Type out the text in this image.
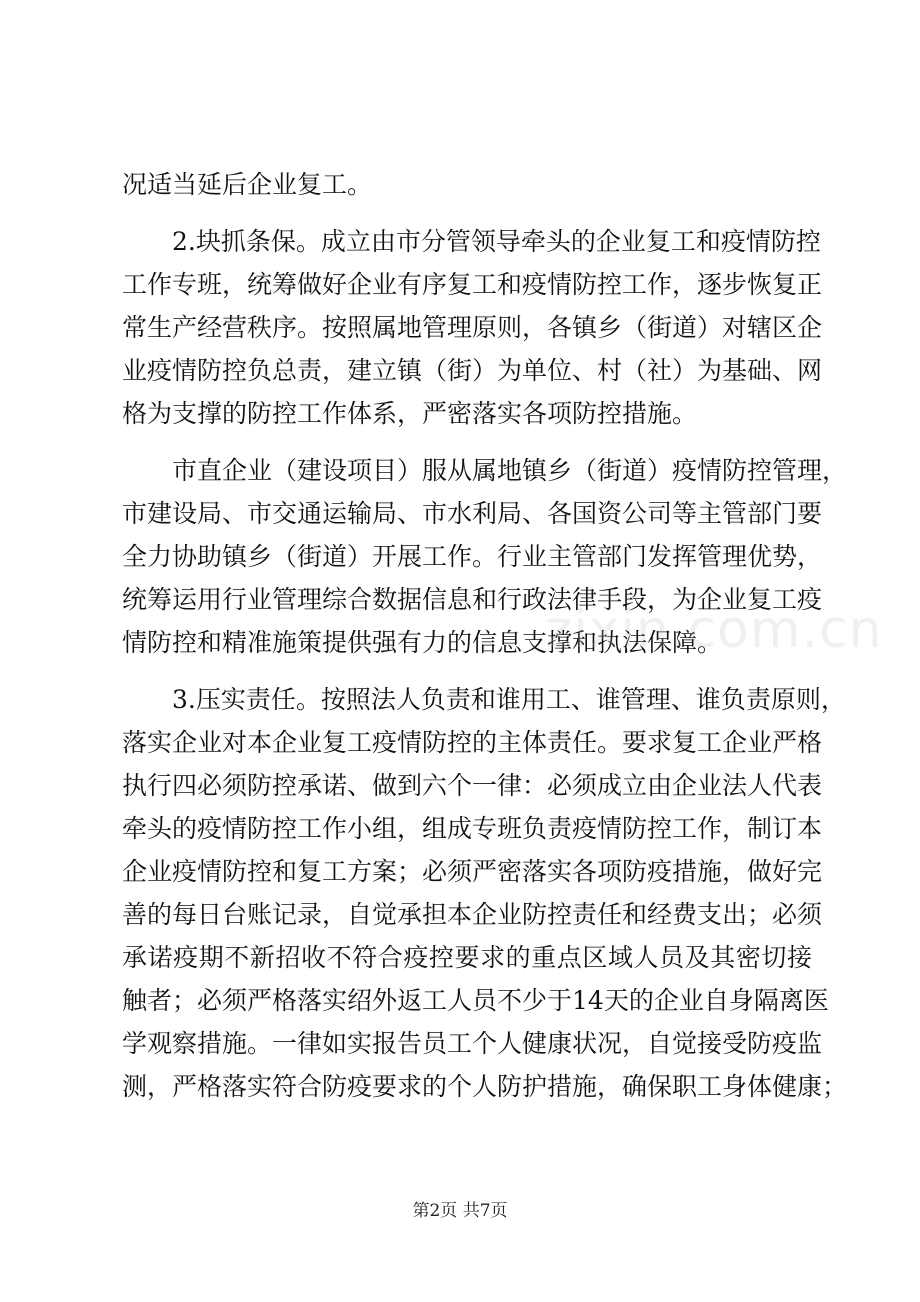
况适当延后企业复工。
2.块抓条保。成立由市分管领导牵头的企业复工和疫情防控
工作专班，统筹做好企业有序复工和疫情防控工作，逐步恢复正
常生产经营秩序。按照属地管理原则，各镇乡（街道）对辖区企
业疫情防控负总责，建立镇（街）为单位、村（社）为基础、网
格为支撑的防控工作体系，严密落实各项防控措施。
市直企业（建设项目）服从属地镇乡（街道）疫情防控管理，
市建设局、市交通运输局、市水利局、各国资公司等主管部门要
全力协助镇乡（街道）开展工作。行业主管部门发挥管理优势，
统筹运用行业管理综合数据信息和行政法律手段，为企业复工疫
情防控和精准施策提供强有力的信息支撑和执法保障。
3.压实责任。按照法人负责和谁用工、谁管理、谁负责原则，
落实企业对本企业复工疫情防控的主体责任。要求复工企业严格
执行四必须防控承诺、做到六个一律：必须成立由企业法人代表
牵头的疫情防控工作小组，组成专班负责疫情防控工作，制订本
企业疫情防控和复工方案；必须严密落实各项防疫措施，做好完
善的每日台账记录，自觉承担本企业防控责任和经费支出；必须
承诺疫期不新招收不符合疫控要求的重点区域人员及其密切接
触者；必须严格落实绍外返工人员不少于14天的企业自身隔离医
学观察措施。一律如实报告员工个人健康状况，自觉接受防疫监
测，严格落实符合防疫要求的个人防护措施，确保职工身体健康；
zixin.com.cn
第2页 共7页
